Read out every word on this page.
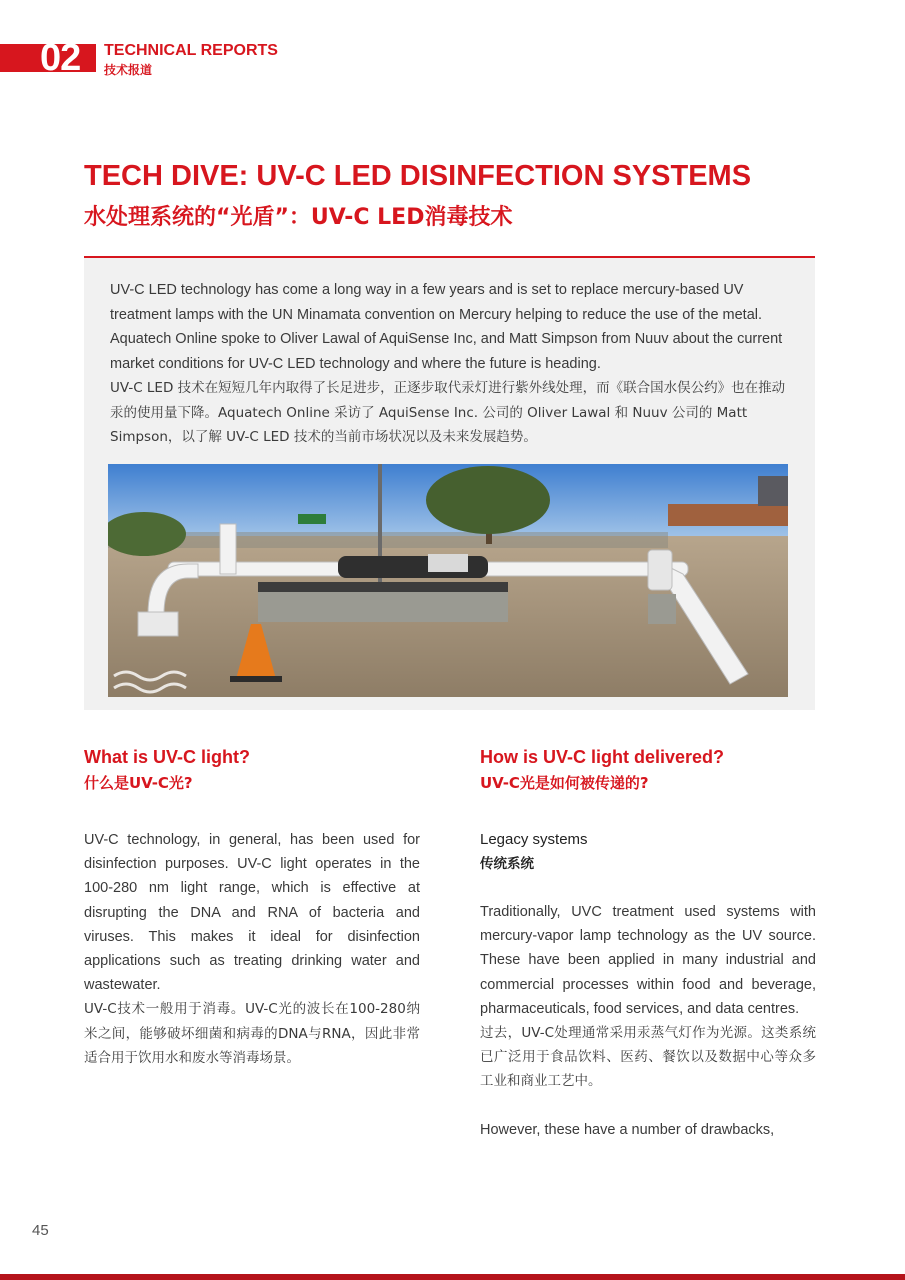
02 TECHNICAL REPORTS
技术报道
TECH DIVE: UV-C LED DISINFECTION SYSTEMS
水处理系统的“光盾”：UV-C LED消毒技术

UV-C LED technology has come a long way in a few years and is set to replace mercury-based UV treatment lamps with the UN Minamata convention on Mercury helping to reduce the use of the metal. Aquatech Online spoke to Oliver Lawal of AquiSense Inc, and Matt Simpson from Nuuv about the current market conditions for UV-C LED technology and where the future is heading.

UV-C LED 技术在短短几年内取得了长足进步，正逐步取代汞灯进行紫外线处理，而《联合国水俣公约》也在推动汞的使用量下降。Aquatech Online 采访了 AquiSense Inc. 公司的 Oliver Lawal 和 Nuuv 公司的 Matt Simpson，以了解 UV-C LED 技术的当前市场状况以及未来发展趋势。

What is UV-C light?
什么是UV-C光?

UV-C technology, in general, has been used for disinfection purposes. UV-C light operates in the 100-280 nm light range, which is effective at disrupting the DNA and RNA of bacteria and viruses. This makes it ideal for disinfection applications such as treating drinking water and wastewater.

UV-C技术一般用于消毒。UV-C光的波长在100-280纳米之间，能够破坏细菌和病毒的DNA与RNA，因此非常适合用于饮用水和废水等消毒场景。

How is UV-C light delivered?
UV-C光是如何被传递的?
Legacy systems
传统系统

Traditionally, UVC treatment used systems with mercury-vapor lamp technology as the UV source. These have been applied in many industrial and commercial processes within food and beverage, pharmaceuticals, food services, and data centres.

过去，UV-C处理通常采用汞蒸气灯作为光源。这类系统已广泛用于食品饮料、医药、餐饮以及数据中心等众多工业和商业工艺中。

However, these have a number of drawbacks,

45
